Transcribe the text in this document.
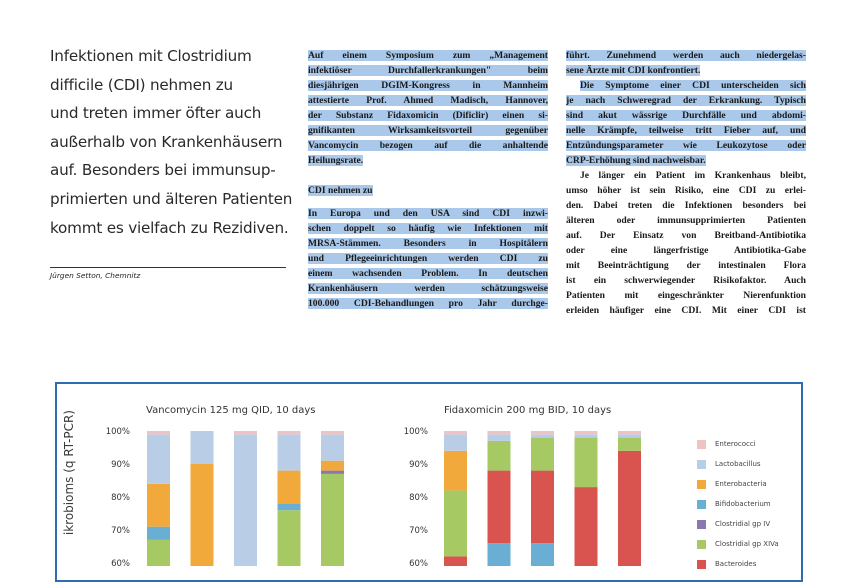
Infektionen mit Clostridium
difficile (CDI) nehmen zu
und treten immer öfter auch
außerhalb von Krankenhäusern
auf. Besonders bei immunsup-
primierten und älteren Patienten
kommt es vielfach zu Rezidiven.
Jürgen Setton, Chemnitz
Auf einem Symposium zum „Management
infektiöser Durchfallerkrankungen" beim
diesjährigen DGIM-Kongress in Mannheim
attestierte Prof. Ahmed Madisch, Hannover,
der Substanz Fidaxomicin (Dificlir) einen si-
gnifikanten Wirksamkeitsvorteil gegenüber
Vancomycin bezogen auf die anhaltende
Heilungsrate.
CDI nehmen zu
In Europa und den USA sind CDI inzwi-
schen doppelt so häufig wie Infektionen mit
MRSA-Stämmen. Besonders in Hospitälern
und Pflegeeinrichtungen werden CDI zu
einem wachsenden Problem. In deutschen
Krankenhäusern werden schätzungsweise
100.000 CDI-Behandlungen pro Jahr durchge-
führt. Zunehmend werden auch niedergelas-
sene Ärzte mit CDI konfrontiert.
Die Symptome einer CDI unterscheiden sich
je nach Schweregrad der Erkrankung. Typisch
sind akut wässrige Durchfälle und abdomi-
nelle Krämpfe, teilweise tritt Fieber auf, und
Entzündungsparameter wie Leukozytose oder
CRP-Erhöhung sind nachweisbar.
Je länger ein Patient im Krankenhaus bleibt,
umso höher ist sein Risiko, eine CDI zu erlei-
den. Dabei treten die Infektionen besonders bei
älteren oder immunsupprimierten Patienten
auf. Der Einsatz von Breitband-Antibiotika
oder eine längerfristige Antibiotika-Gabe
mit Beeinträchtigung der intestinalen Flora
ist ein schwerwiegender Risikofaktor. Auch
Patienten mit eingeschränkter Nierenfunktion
erleiden häufiger eine CDI. Mit einer CDI ist
ikrobioms (q RT-PCR)	Vancomycin 125 mg QID, 10 days
100%
90%
80%
70%
60%
Fidaxomicin 200 mg BID, 10 days
100%
90%
80%
70%
60%
Enterococci
Lactobacillus
Enterobacteria
Bifidobacterium
Clostridial gp IV
Clostridial gp XIVa
Bacteroides
